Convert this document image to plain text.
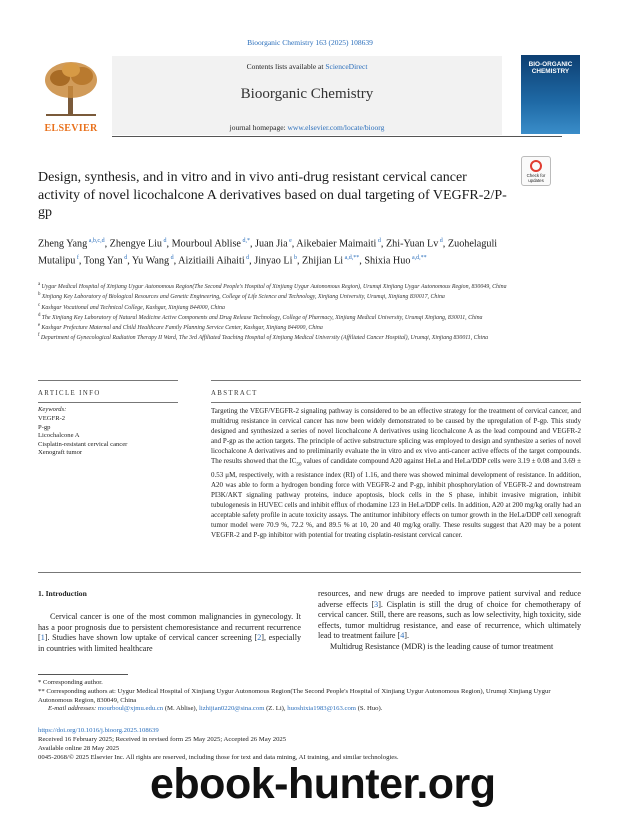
Bioorganic Chemistry 163 (2025) 108639
ELSEVIER
Contents lists available at ScienceDirect
Bioorganic Chemistry
journal homepage: www.elsevier.com/locate/bioorg
BIO-ORGANIC CHEMISTRY
Check for updates
Design, synthesis, and in vitro and in vivo anti-drug resistant cervical cancer activity of novel licochalcone A derivatives based on dual targeting of VEGFR-2/P-gp
Zheng Yang $^{a,b,c,d}$, Zhengye Liu $^d$, Mourboul Ablise $^{d,*}$, Juan Jia $^e$, Aikebaier Maimaiti $^d$, Zhi-Yuan Lv $^d$, Zuohelaguli Mutalipu $^f$, Tong Yan $^d$, Yu Wang $^d$, Aizitiaili Aihaiti $^d$, Jinyao Li $^b$, Zhijian Li $^{a,d,**}$, Shixia Huo $^{a,d,**}$

$^a$ Uygur Medical Hospital of Xinjiang Uygur Autonomous Region(The Second People's Hospital of Xinjiang Uygur Autonomous Region), Urumqi Xinjiang Uygur Autonomous Region, 830049, China

$^b$ Xinjiang Key Laboratory of Biological Resources and Genetic Engineering, College of Life Science and Technology, Xinjiang University, Urumqi, Xinjiang 830017, China

$^c$ Kashgar Vocational and Technical College, Kashgar, Xinjiang 844000, China

$^d$ The Xinjiang Key Laboratory of Natural Medicine Active Components and Drug Release Technology, College of Pharmacy, Xinjiang Medical University, Urumqi Xinjiang, 830011, China

$^e$ Kashgar Prefecture Maternal and Child Healthcare Family Planning Service Center, Kashgar, Xinjiang 844000, China

$^f$ Department of Gynecological Radiation Therapy II Ward, The 3rd Affiliated Teaching Hospital of Xinjiang Medical University (Affiliated Cancer Hospital), Urumqi, Xinjiang 830011, China

ARTICLE INFO	ABSTRACT
Keywords:
VEGFR-2
P-gp
Licochalcone A
Cisplatin-resistant cervical cancer
Xenograft tumor
Targeting the VEGF/VEGFR-2 signaling pathway is considered to be an effective strategy for the treatment of cervical cancer, and multidrug resistance in cervical cancer has now been widely demonstrated to be caused by the upregulation of P-gp. This study designed and synthesized a series of novel licochalcone A derivatives using licochalcone A as the lead compound and VEGFR-2 and P-gp as the action targets. The principle of active substructure splicing was employed to design and synthesize a series of novel licochalcone A derivatives and to preliminarily evaluate the in vitro and ex vivo anti-cancer active effects of the target compounds. The results showed that the $IC_{50}$ values of candidate compound A20 against HeLa and HeLa/DDP cells were 3.19 ± 0.08 and 3.69 ± 0.53 μM, respectively, with a resistance index (RI) of 1.16, and there was showed minimal development of resistance. In addition, A20 was able to form a hydrogen bonding force with VEGFR-2 and P-gp, inhibit phosphorylation of VEGFR-2 and downstream PI3K/AKT signaling pathway proteins, induce apoptosis, block cells in the S phase, inhibit invasive migration, inhibit tubulogenesis in HUVEC cells and inhibit efflux of rhodamine 123 in HeLa/DDP cells. In addition, A20 at 200 mg/kg orally had an acceptable safety profile in acute toxicity assays. The antitumor inhibitory effects on tumor growth in the HeLa/DDP cell xenograft tumor model were 70.9 %, 72.2 %, and 89.5 % at 10, 20 and 40 mg/kg orally. These results suggest that A20 may be a potent VEGFR-2 and P-gp inhibitor with potential for treating cisplatin-resistant cervical cancer.
1. Introduction
Cervical cancer is one of the most common malignancies in gynecology. It has a poor prognosis due to persistent chemoresistance and recurrent recurrence [1]. Studies have shown low uptake of cervical cancer screening [2], especially in countries with limited healthcare
resources, and new drugs are needed to improve patient survival and reduce adverse effects [3]. Cisplatin is still the drug of choice for chemotherapy of cervical cancer. Still, there are reasons, such as low selectivity, high toxicity, side effects, tumor multidrug resistance, and ease of recurrence, which ultimately lead to treatment failure [4].
Multidrug Resistance (MDR) is the leading cause of tumor treatment
* Corresponding author.
** Corresponding authors at: Uygur Medical Hospital of Xinjiang Uygur Autonomous Region(The Second People's Hospital of Xinjiang Uygur Autonomous Region), Urumqi Xinjiang Uygur Autonomous Region, 830049, China
E-mail addresses: mourboul@xjmu.edu.cn (M. Ablise), lizhijian0220@sina.com (Z. Li), huoshixia1983@163.com (S. Huo).
https://doi.org/10.1016/j.bioorg.2025.108639
Received 16 February 2025; Received in revised form 25 May 2025; Accepted 26 May 2025
Available online 28 May 2025
0045-2068/© 2025 Elsevier Inc. All rights are reserved, including those for text and data mining, AI training, and similar technologies.
ebook-hunter.org
